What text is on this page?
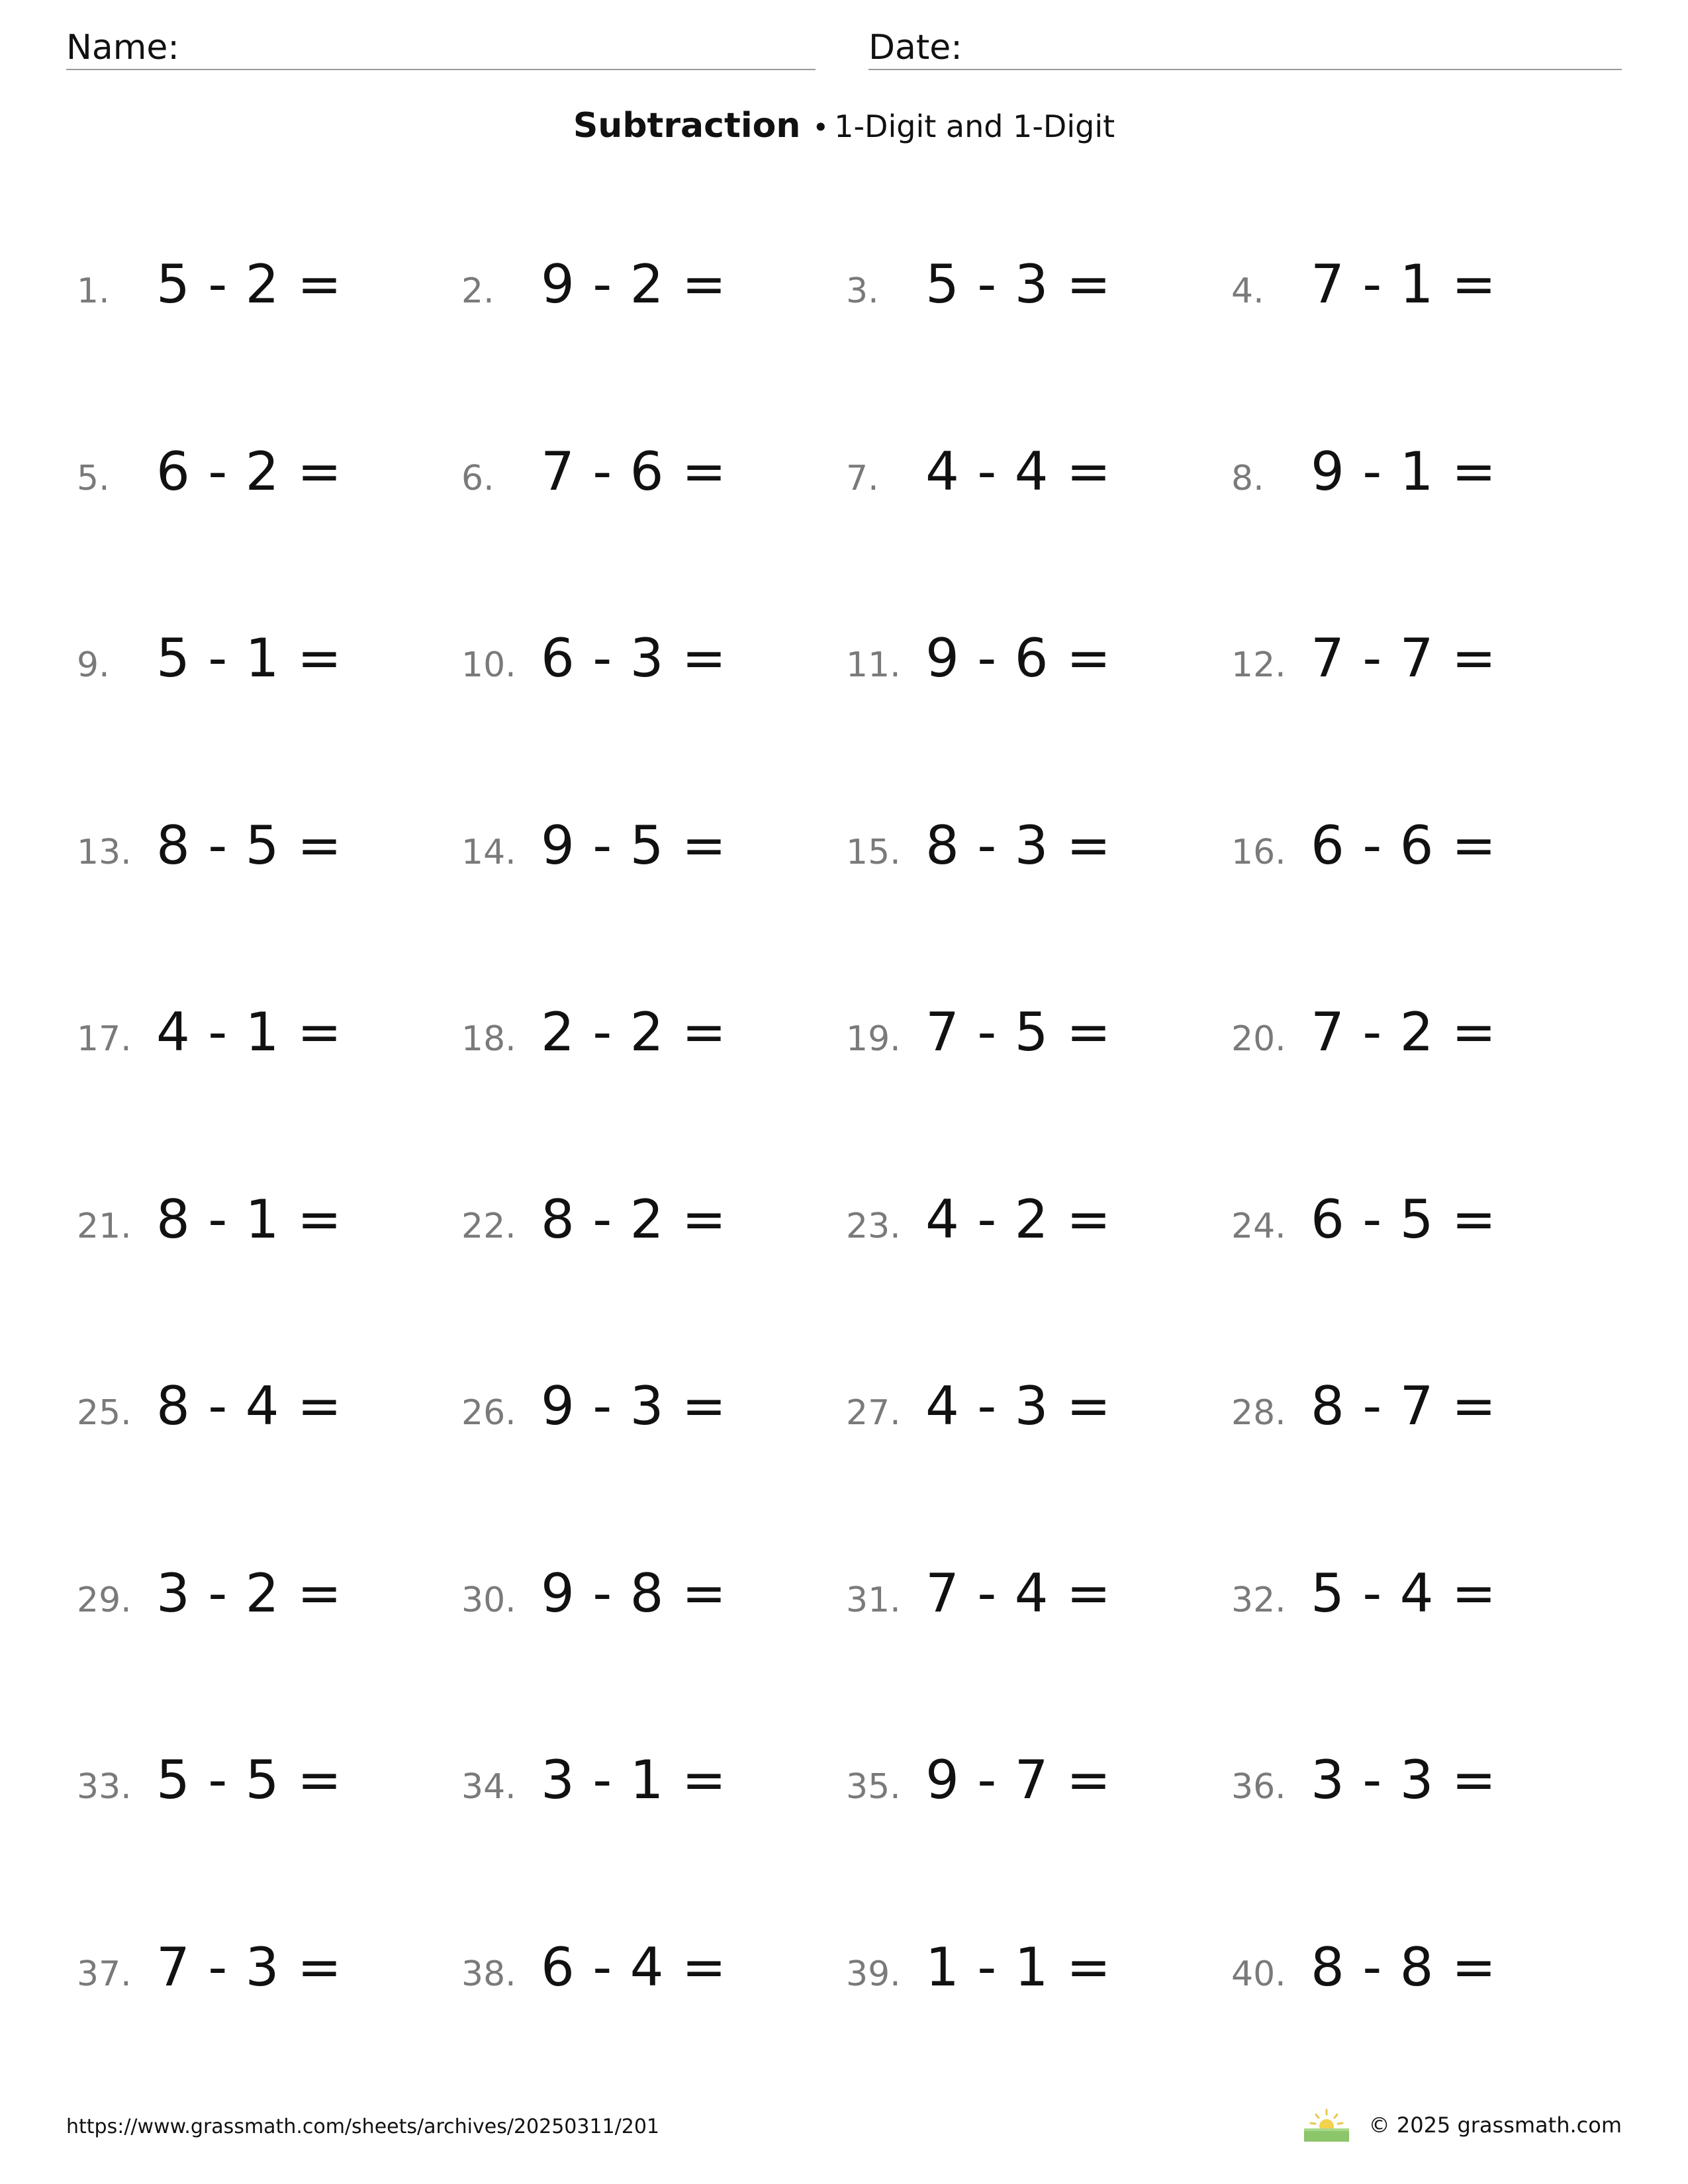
Name:	Date:
Subtraction • 1-Digit and 1-Digit
1. 5 - 2 =	2. 9 - 2 =	3. 5 - 3 =	4. 7 - 1 =
5. 6 - 2 =	6. 7 - 6 =	7. 4 - 4 =	8. 9 - 1 =
9. 5 - 1 =	10. 6 - 3 =	11. 9 - 6 =	12. 7 - 7 =
13. 8 - 5 =	14. 9 - 5 =	15. 8 - 3 =	16. 6 - 6 =
17. 4 - 1 =	18. 2 - 2 =	19. 7 - 5 =	20. 7 - 2 =
21. 8 - 1 =	22. 8 - 2 =	23. 4 - 2 =	24. 6 - 5 =
25. 8 - 4 =	26. 9 - 3 =	27. 4 - 3 =	28. 8 - 7 =
29. 3 - 2 =	30. 9 - 8 =	31. 7 - 4 =	32. 5 - 4 =
33. 5 - 5 =	34. 3 - 1 =	35. 9 - 7 =	36. 3 - 3 =
37. 7 - 3 =	38. 6 - 4 =	39. 1 - 1 =	40. 8 - 8 =
https://www.grassmath.com/sheets/archives/20250311/201	© 2025 grassmath.com
